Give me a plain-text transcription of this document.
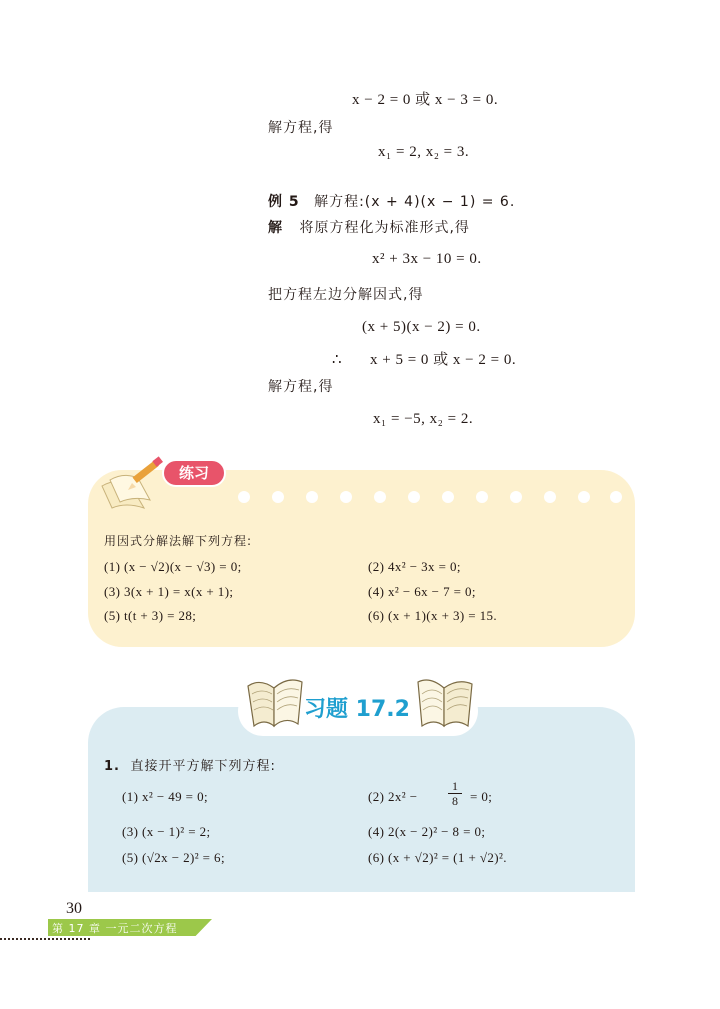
x − 2 = 0 或 x − 3 = 0.
解方程,得
x₁ = 2, x₂ = 3.
例 5 解方程:(x + 4)(x − 1) = 6.
解 将原方程化为标准形式,得
x² + 3x − 10 = 0.
把方程左边分解因式,得
(x + 5)(x − 2) = 0.
∴ x + 5 = 0 或 x − 2 = 0.
解方程,得
x₁ = −5, x₂ = 2.
练习
用因式分解法解下列方程:
(1) (x − √2)(x − √3) = 0;	(2) 4x² − 3x = 0;
(3) 3(x + 1) = x(x + 1);	(4) x² − 6x − 7 = 0;
(5) t(t + 3) = 28;	(6) (x + 1)(x + 3) = 15.
习题 17.2
1. 直接开平方解下列方程:
(1) x² − 49 = 0;	(2) 2x² −	$\frac{1}{8} = 0$;
(3) (x − 1)² = 2;	(4) 2(x − 2)² − 8 = 0;
(5) (√2x − 2)² = 6;	(6) (x + √2)² = (1 + √2)².
30
第 17 章 一元二次方程
